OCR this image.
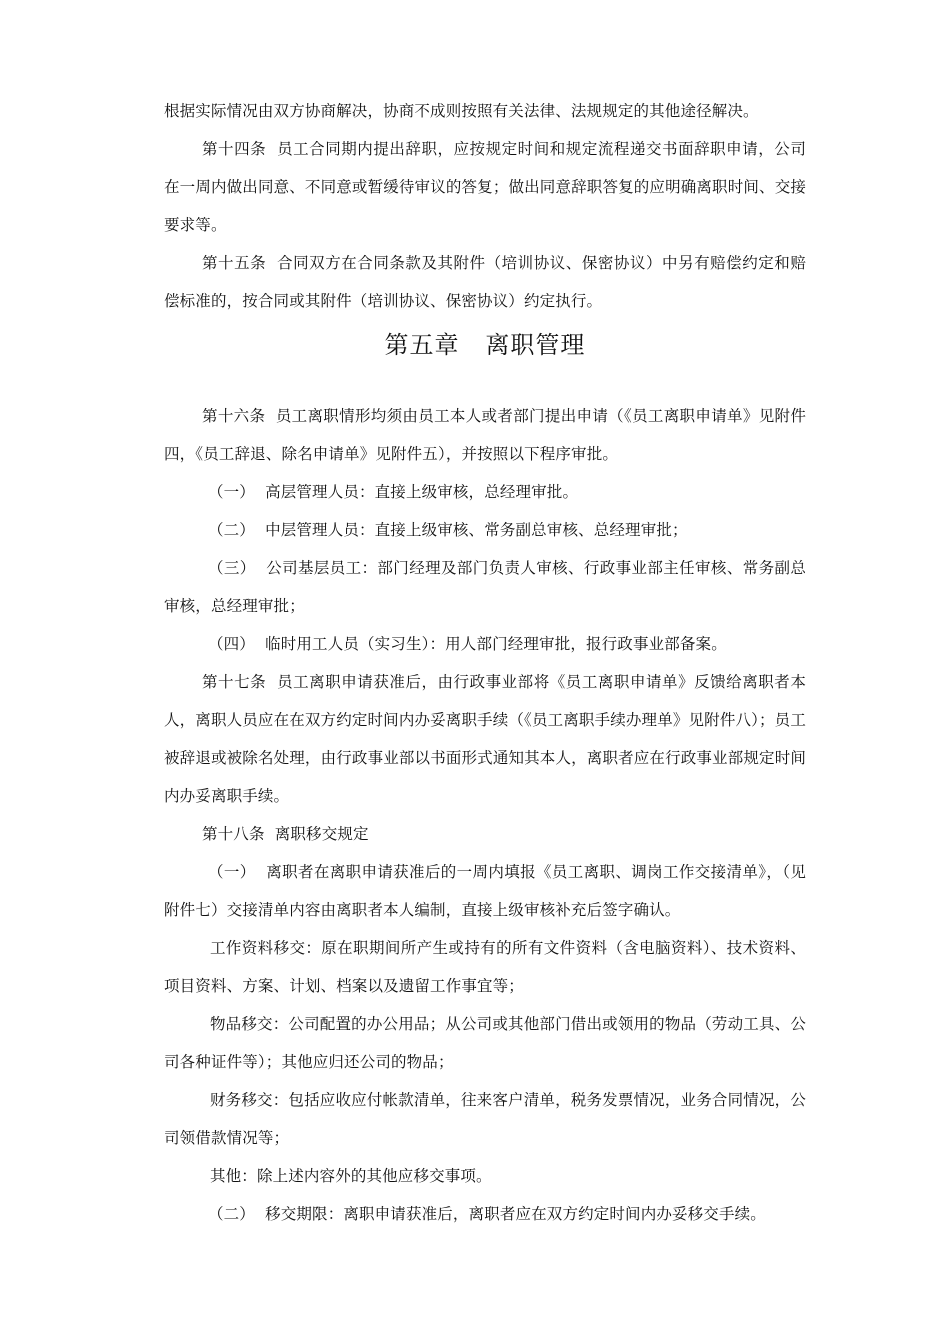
根据实际情况由双方协商解决，协商不成则按照有关法律、法规规定的其他途径解决。

第十四条  员工合同期内提出辞职，应按规定时间和规定流程递交书面辞职申请，公司在一周内做出同意、不同意或暂缓待审议的答复；做出同意辞职答复的应明确离职时间、交接要求等。

第十五条  合同双方在合同条款及其附件（培训协议、保密协议）中另有赔偿约定和赔偿标准的，按合同或其附件（培训协议、保密协议）约定执行。

第五章   离职管理

第十六条  员工离职情形均须由员工本人或者部门提出申请（《员工离职申请单》见附件四，《员工辞退、除名申请单》见附件五），并按照以下程序审批。

（一）  高层管理人员：直接上级审核，总经理审批。

（二）  中层管理人员：直接上级审核、常务副总审核、总经理审批；

（三）  公司基层员工：部门经理及部门负责人审核、行政事业部主任审核、常务副总审核，总经理审批；

（四）  临时用工人员（实习生）：用人部门经理审批，报行政事业部备案。

第十七条  员工离职申请获准后，由行政事业部将《员工离职申请单》反馈给离职者本人，离职人员应在在双方约定时间内办妥离职手续（《员工离职手续办理单》见附件八）；员工被辞退或被除名处理，由行政事业部以书面形式通知其本人，离职者应在行政事业部规定时间内办妥离职手续。

第十八条  离职移交规定

（一）  离职者在离职申请获准后的一周内填报《员工离职、调岗工作交接清单》，（见附件七）交接清单内容由离职者本人编制，直接上级审核补充后签字确认。

工作资料移交：原在职期间所产生或持有的所有文件资料（含电脑资料）、技术资料、项目资料、方案、计划、档案以及遗留工作事宜等；

物品移交：公司配置的办公用品；从公司或其他部门借出或领用的物品（劳动工具、公司各种证件等）；其他应归还公司的物品；

财务移交：包括应收应付帐款清单，往来客户清单，税务发票情况，业务合同情况，公司领借款情况等；

其他：除上述内容外的其他应移交事项。

（二）  移交期限：离职申请获准后，离职者应在双方约定时间内办妥移交手续。
